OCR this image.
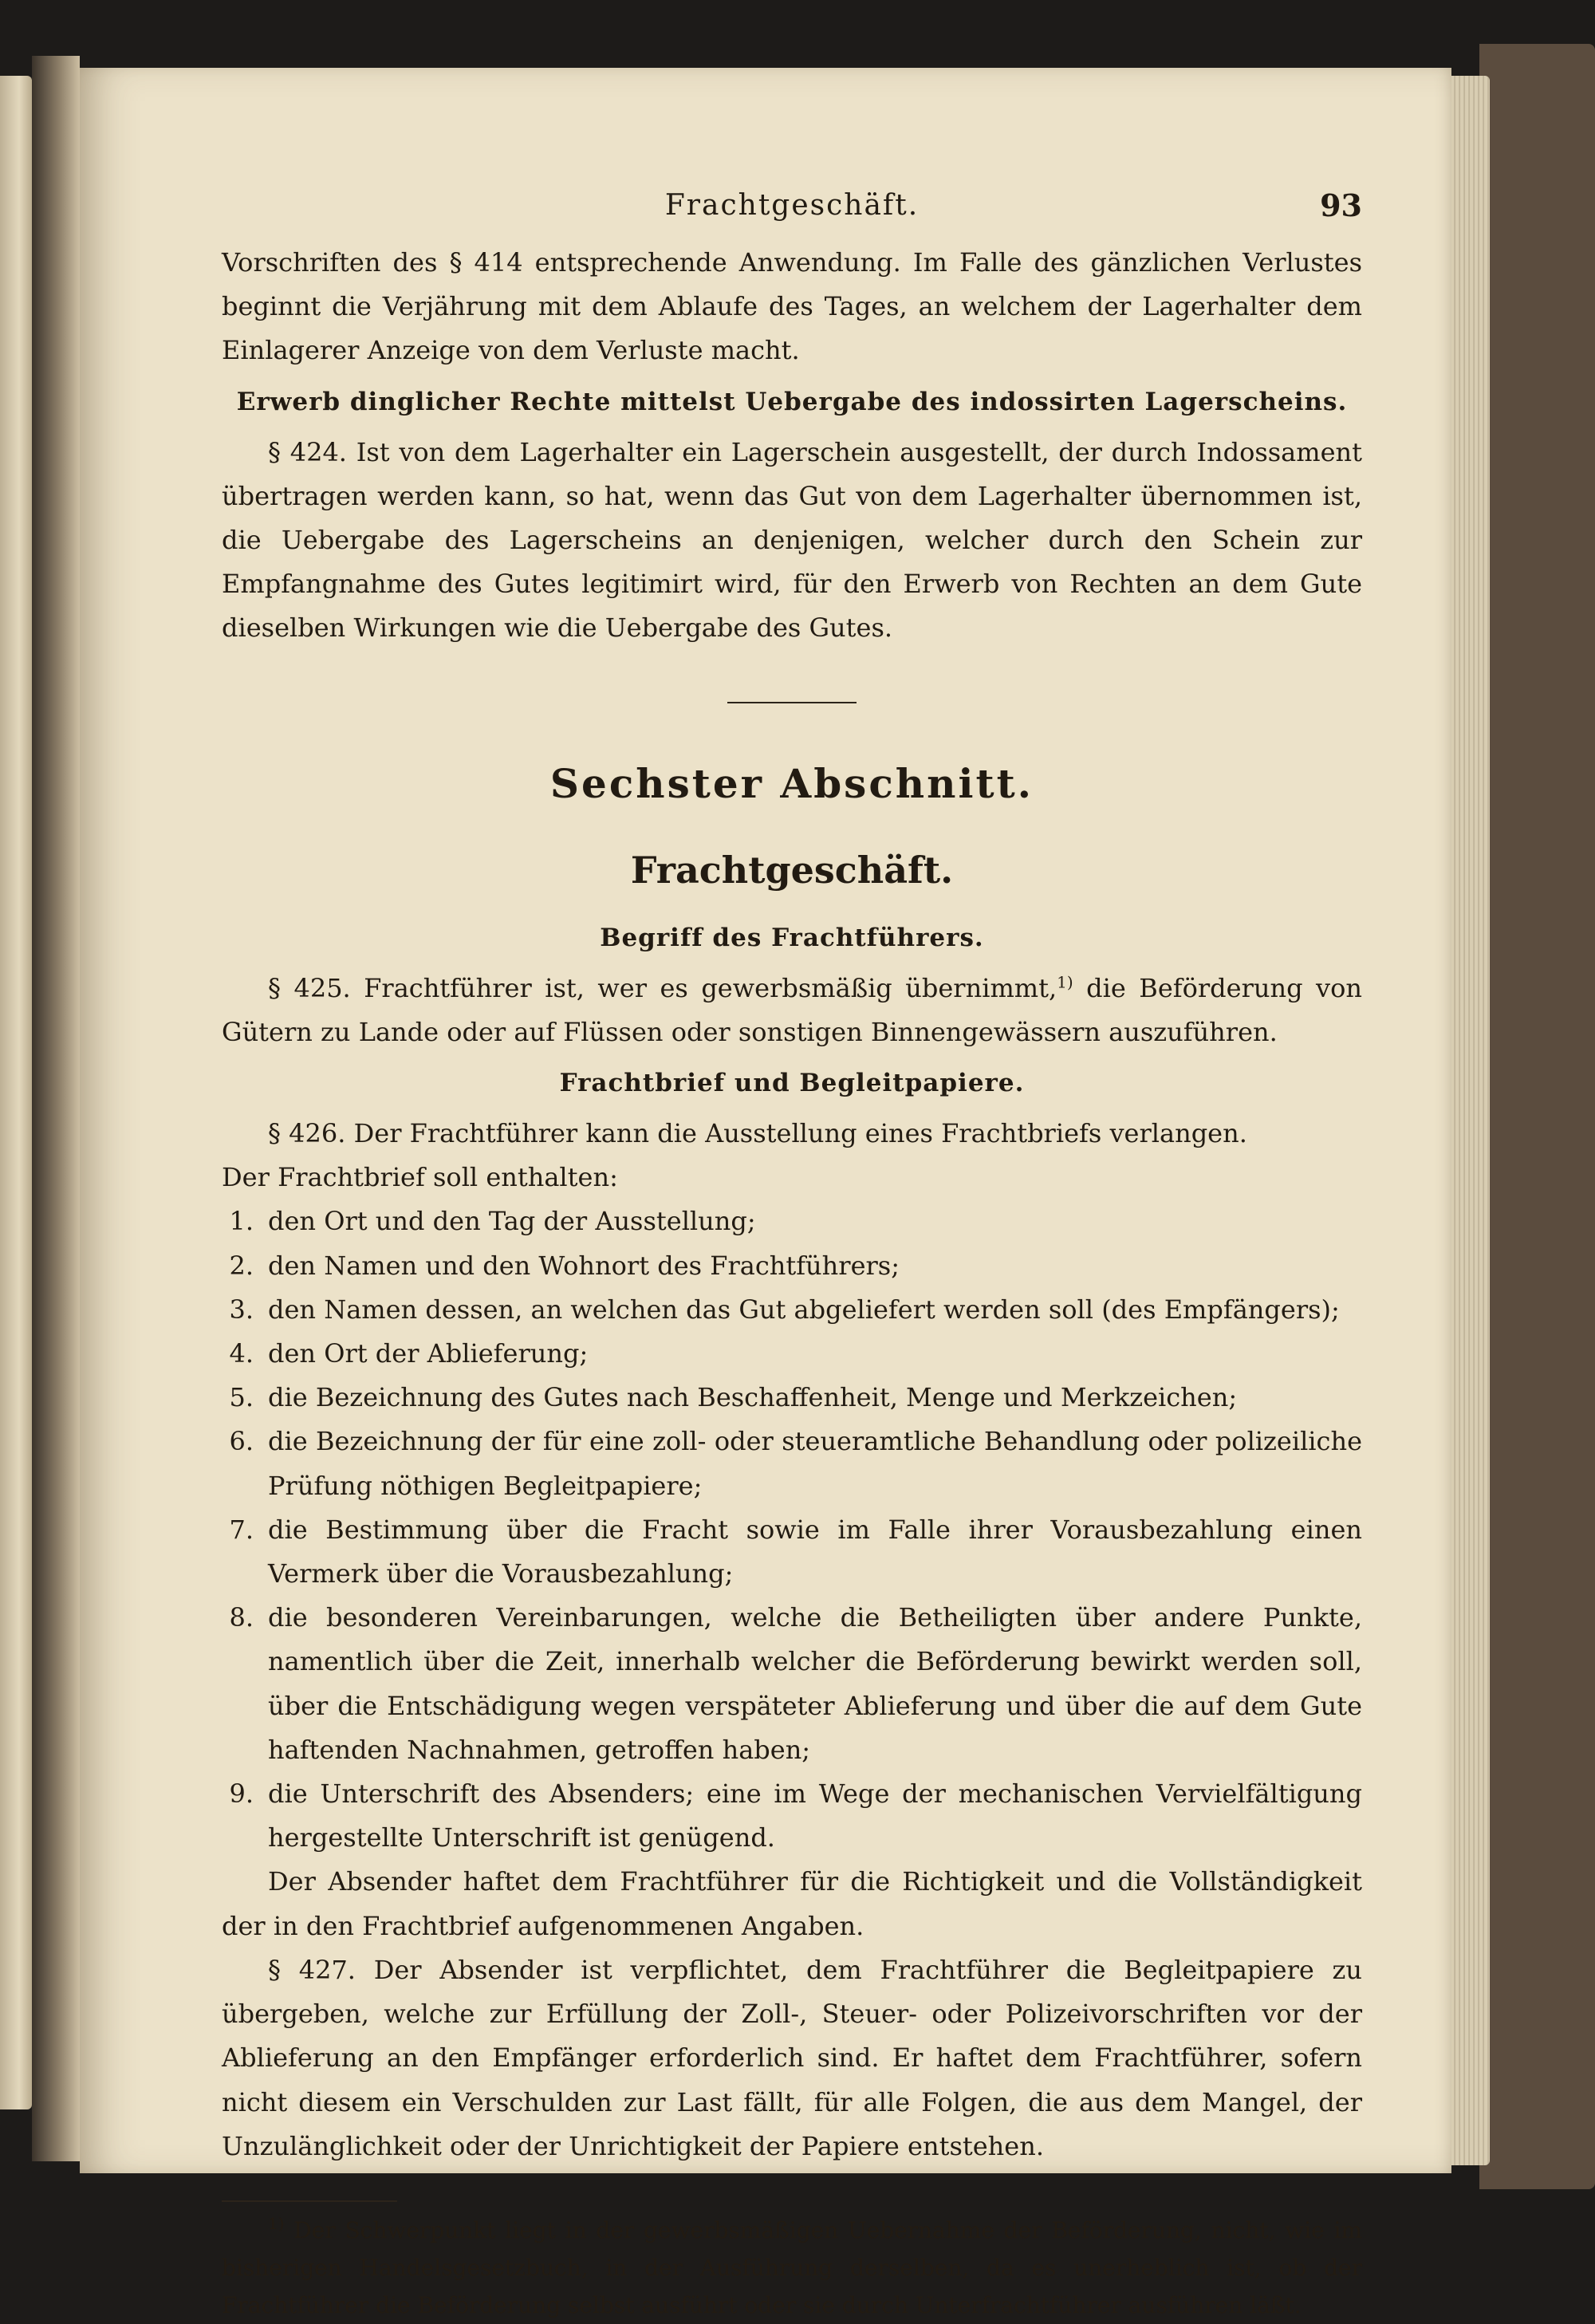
Frachtgeschäft.	93

Vorschriften des § 414 entsprechende Anwendung. Im Falle des gänzlichen Verlustes beginnt die Verjährung mit dem Ablaufe des Tages, an welchem der Lagerhalter dem Einlagerer Anzeige von dem Verluste macht.

Erwerb dinglicher Rechte mittelst Uebergabe des indossirten Lagerscheins.

§ 424. Ist von dem Lagerhalter ein Lagerschein ausgestellt, der durch Indossament übertragen werden kann, so hat, wenn das Gut von dem Lagerhalter übernommen ist, die Uebergabe des Lagerscheins an denjenigen, welcher durch den Schein zur Empfangnahme des Gutes legitimirt wird, für den Erwerb von Rechten an dem Gute dieselben Wirkungen wie die Uebergabe des Gutes.

Sechster Abschnitt.
Frachtgeschäft.
Begriff des Frachtführers.

§ 425. Frachtführer ist, wer es gewerbsmäßig übernimmt,$^{1)}$ die Beförderung von Gütern zu Lande oder auf Flüssen oder sonstigen Binnengewässern auszuführen.

Frachtbrief und Begleitpapiere.

§ 426. Der Frachtführer kann die Ausstellung eines Frachtbriefs verlangen.

Der Frachtbrief soll enthalten:

1. den Ort und den Tag der Ausstellung;
2. den Namen und den Wohnort des Frachtführers;
3. den Namen dessen, an welchen das Gut abgeliefert werden soll (des Empfängers);
4. den Ort der Ablieferung;
5. die Bezeichnung des Gutes nach Beschaffenheit, Menge und Merkzeichen;
6. die Bezeichnung der für eine zoll- oder steueramtliche Behandlung oder polizeiliche Prüfung nöthigen Begleitpapiere;
7. die Bestimmung über die Fracht sowie im Falle ihrer Vorausbezahlung einen Vermerk über die Vorausbezahlung;
8. die besonderen Vereinbarungen, welche die Betheiligten über andere Punkte, namentlich über die Zeit, innerhalb welcher die Beförderung bewirkt werden soll, über die Entschädigung wegen verspäteter Ablieferung und über die auf dem Gute haftenden Nachnahmen, getroffen haben;
9. die Unterschrift des Absenders; eine im Wege der mechanischen Vervielfältigung hergestellte Unterschrift ist genügend.

Der Absender haftet dem Frachtführer für die Richtigkeit und die Vollständigkeit der in den Frachtbrief aufgenommenen Angaben.

§ 427. Der Absender ist verpflichtet, dem Frachtführer die Begleitpapiere zu übergeben, welche zur Erfüllung der Zoll-, Steuer- oder Polizeivorschriften vor der Ablieferung an den Empfänger erforderlich sind. Er haftet dem Frachtführer, sofern nicht diesem ein Verschulden zur Last fällt, für alle Folgen, die aus dem Mangel, der Unzulänglichkeit oder der Unrichtigkeit der Papiere entstehen.

$^{1)}$ Der Schwerpunkt liegt in der gewerbsmäßigen Uebernahme der Beförderung, nicht, wie im bisherigen Handelsgesetzbuch, in der Ausführung derselben, da es unerheblich ist, ob der Frachtführer die Beförderung selbst ausführt oder sie durch Unterfrachtführer ausführen läßt.
